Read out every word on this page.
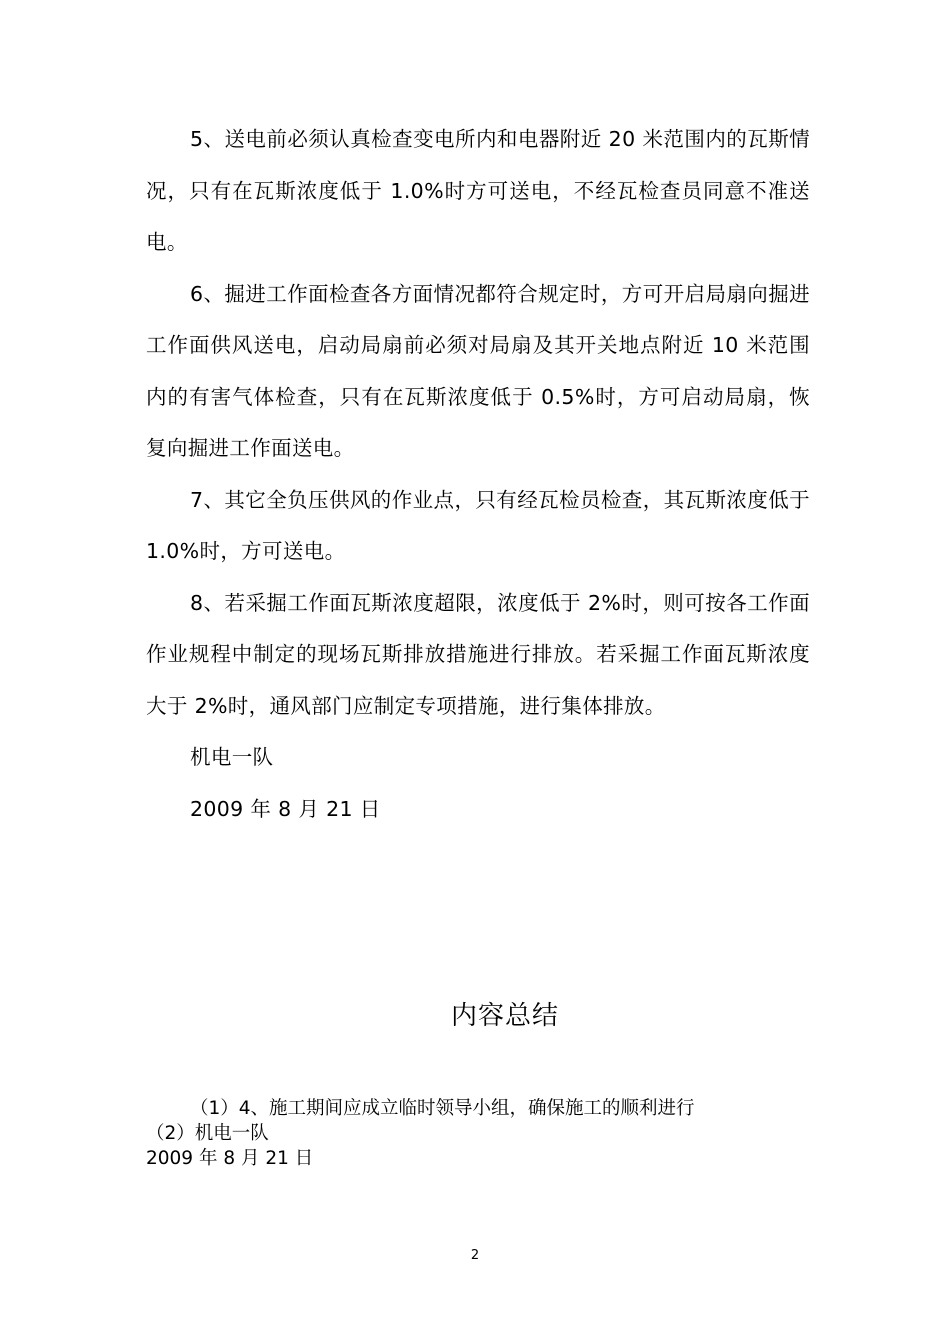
5、送电前必须认真检查变电所内和电器附近 20 米范围内的瓦斯情况，只有在瓦斯浓度低于 1.0%时方可送电，不经瓦检查员同意不准送电。

6、掘进工作面检查各方面情况都符合规定时，方可开启局扇向掘进工作面供风送电，启动局扇前必须对局扇及其开关地点附近 10 米范围内的有害气体检查，只有在瓦斯浓度低于 0.5%时，方可启动局扇，恢复向掘进工作面送电。

7、其它全负压供风的作业点，只有经瓦检员检查，其瓦斯浓度低于 1.0%时，方可送电。

8、若采掘工作面瓦斯浓度超限，浓度低于 2%时，则可按各工作面作业规程中制定的现场瓦斯排放措施进行排放。若采掘工作面瓦斯浓度大于 2%时，通风部门应制定专项措施，进行集体排放。

机电一队

2009 年 8 月 21 日

内容总结
（1）4、施工期间应成立临时领导小组，确保施工的顺利进行
（2）机电一队
2009 年 8 月 21 日
2
